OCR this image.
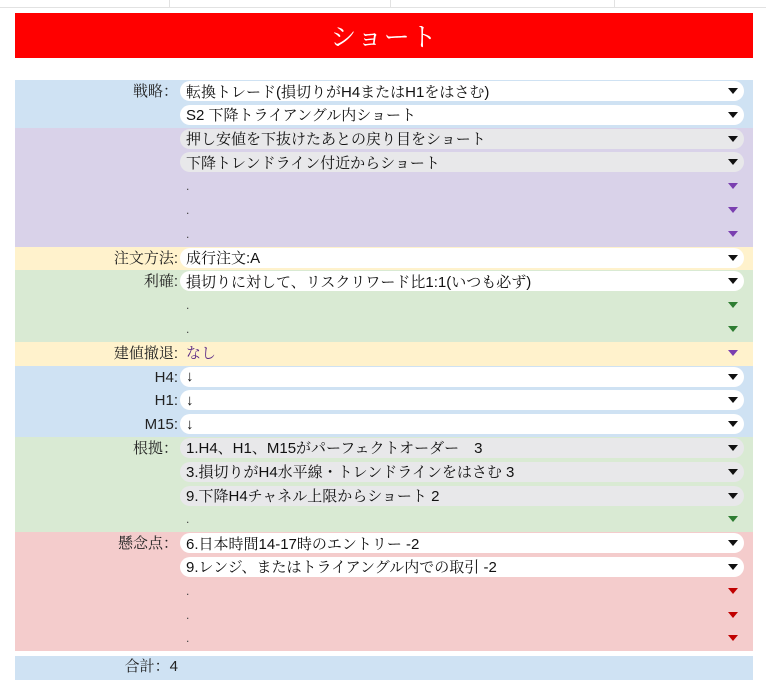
ショート
戦略： 転換トレード(損切りがH4またはH1をはさむ)
S2 下降トライアングル内ショート
押し安値を下抜けたあとの戻り目をショート
下降トレンドライン付近からショート
.
.
.
注文方法: 成行注文:A
利確: 損切りに対して、リスクリワード比1:1(いつも必ず)
.
.
建値撤退: なし
H4: ↓
H1: ↓
M15: ↓
根拠： 1.H4、H1、M15がパーフェクトオーダー　3
3.損切りがH4水平線・トレンドラインをはさむ 3
9.下降H4チャネル上限からショート 2
.
懸念点： 6.日本時間14-17時のエントリー -2
9.レンジ、またはトライアングル内での取引 -2
.
.
.
合計：4
